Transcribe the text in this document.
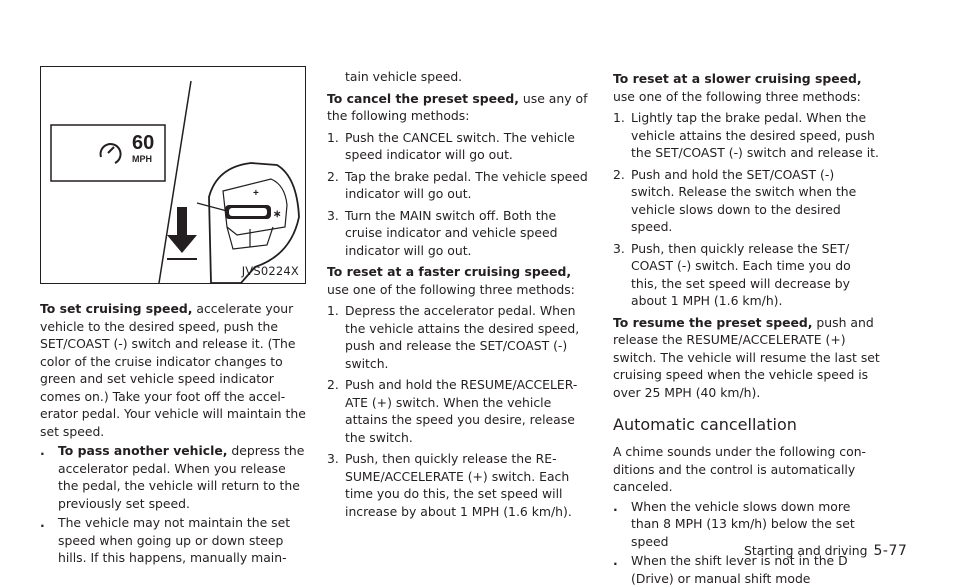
60
MPH
+
∗
JVS0224X

To set cruising speed, accelerate your vehicle to the desired speed, push the SET/COAST (-) switch and release it. (The color of the cruise indicator changes to green and set vehicle speed indicator comes on.) Take your foot off the accel- erator pedal. Your vehicle will maintain the set speed.

. To pass another vehicle, depress the accelerator pedal. When you release the pedal, the vehicle will return to the previously set speed.
. The vehicle may not maintain the set speed when going up or down steep hills. If this happens, manually main-

tain vehicle speed.

To cancel the preset speed, use any of the following methods:

1. Push the CANCEL switch. The vehicle speed indicator will go out.
2. Tap the brake pedal. The vehicle speed indicator will go out.
3. Turn the MAIN switch off. Both the cruise indicator and vehicle speed indicator will go out.

To reset at a faster cruising speed, use one of the following three methods:

1. Depress the accelerator pedal. When the vehicle attains the desired speed, push and release the SET/COAST (-) switch.
2. Push and hold the RESUME/ACCELER- ATE (+) switch. When the vehicle attains the speed you desire, release the switch.
3. Push, then quickly release the RE- SUME/ACCELERATE (+) switch. Each time you do this, the set speed will increase by about 1 MPH (1.6 km/h).

To reset at a slower cruising speed, use one of the following three methods:

1. Lightly tap the brake pedal. When the vehicle attains the desired speed, push the SET/COAST (-) switch and release it.
2. Push and hold the SET/COAST (-) switch. Release the switch when the vehicle slows down to the desired speed.
3. Push, then quickly release the SET/ COAST (-) switch. Each time you do this, the set speed will decrease by about 1 MPH (1.6 km/h).

To resume the preset speed, push and release the RESUME/ACCELERATE (+) switch. The vehicle will resume the last set cruising speed when the vehicle speed is over 25 MPH (40 km/h).

Automatic cancellation

A chime sounds under the following con- ditions and the control is automatically canceled.

. When the vehicle slows down more than 8 MPH (13 km/h) below the set speed
. When the shift lever is not in the D (Drive) or manual shift mode
Starting and driving 5-77
